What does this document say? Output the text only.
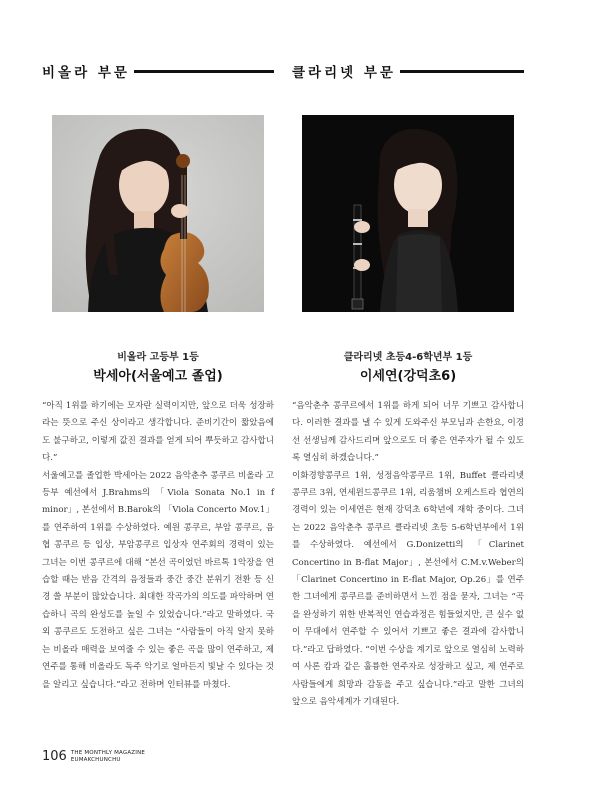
비올라 부문
비올라 고등부 1등
박세아(서울예고 졸업)

“아직 1위를 하기에는 모자란 실력이지만, 앞으로 더욱 성장하라는 뜻으로 주신 상이라고 생각합니다. 준비기간이 짧았음에도 불구하고, 이렇게 값진 결과를 얻게 되어 뿌듯하고 감사합니다.”

서울예고를 졸업한 박세아는 2022 음악춘추 콩쿠르 비올라 고등부 예선에서 J.Brahms의 「Viola Sonata No.1 in f minor」, 본선에서 B.Barok의 「Viola Concerto Mov.1」를 연주하여 1위를 수상하였다. 예원 콩쿠르, 부암 콩쿠르, 음협 콩쿠르 등 입상, 부암콩쿠르 입상자 연주회의 경력이 있는 그녀는 이번 콩쿠르에 대해 “본선 곡이었던 바르톡 1악장을 연습할 때는 반음 간격의 음정들과 중간 중간 분위기 전환 등 신경 쓸 부분이 많았습니다. 최대한 작곡가의 의도를 파악하며 연습하니 곡의 완성도를 높일 수 있었습니다.”라고 말하였다. 국외 콩쿠르도 도전하고 싶은 그녀는 “사람들이 아직 알지 못하는 비올라 매력을 보여줄 수 있는 좋은 곡을 많이 연주하고, 제 연주를 통해 비올라도 독주 악기로 얼마든지 빛날 수 있다는 것을 알리고 싶습니다.”라고 전하며 인터뷰를 마쳤다.

클라리넷 부문
클라리넷 초등4-6학년부 1등
이세연(강덕초6)

“음악춘추 콩쿠르에서 1위를 하게 되어 너무 기쁘고 감사합니다. 이러한 결과를 낼 수 있게 도와주신 부모님과 손한요, 이경선 선생님께 감사드리며 앞으로도 더 좋은 연주자가 될 수 있도록 열심히 하겠습니다.”

이화경향콩쿠르 1위, 성정음악콩쿠르 1위, Buffet 클라리넷 콩쿠르 3위, 연세윈드콩쿠르 1위, 리움챔버 오케스트라 협연의 경력이 있는 이세연은 현재 강덕초 6학년에 재학 중이다. 그녀는 2022 음악춘추 콩쿠르 클라리넷 초등 5-6학년부에서 1위를 수상하였다. 예선에서 G.Donizetti의 「Clarinet Concertino in B-flat Major」, 본선에서 C.M.v.Weber의 「Clarinet Concertino in E-flat Major, Op.26」를 연주한 그녀에게 콩쿠르를 준비하면서 느낀 점을 묻자, 그녀는 “곡을 완성하기 위한 반복적인 연습과정은 힘들었지만, 큰 실수 없이 무대에서 연주할 수 있어서 기쁘고 좋은 결과에 감사합니다.”라고 답하였다. “이번 수상을 계기로 앞으로 열심히 노력하여 사론 캄과 같은 훌륭한 연주자로 성장하고 싶고, 제 연주로 사람들에게 희망과 감동을 주고 싶습니다.”라고 말한 그녀의 앞으로 음악세계가 기대된다.

106 THE MONTHLY MAGAZINE
EUMAKCHUNCHU
